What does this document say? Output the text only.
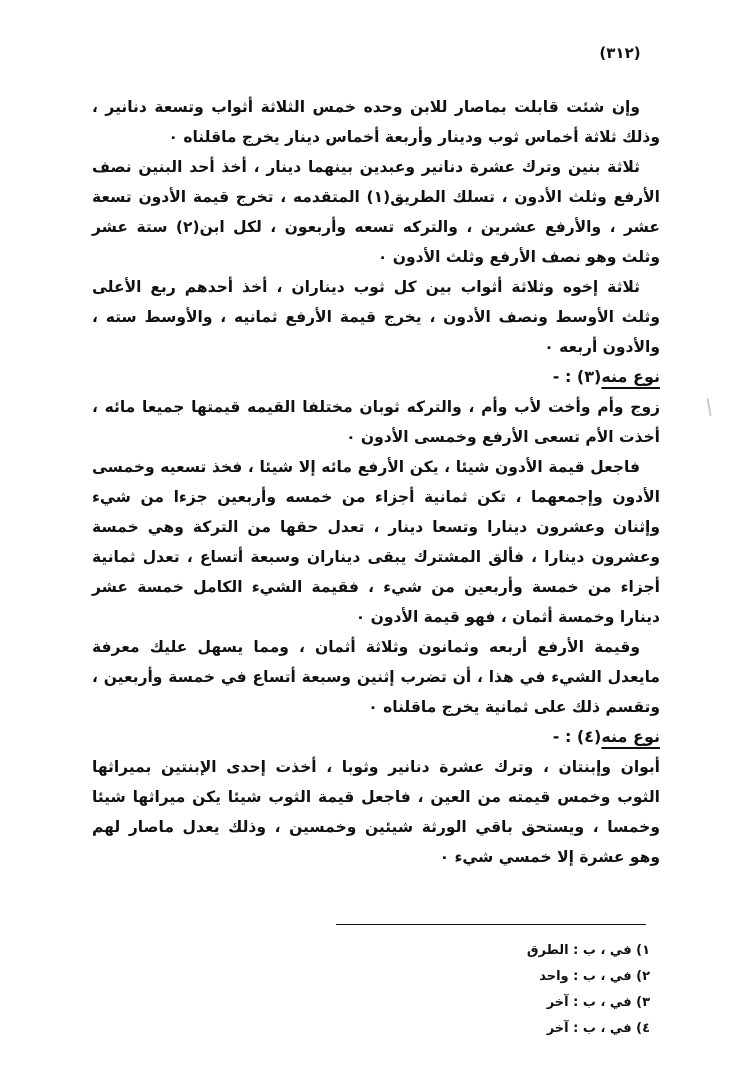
(٣١٢)

وإن شئت قابلت بماصار للابن وحده خمس الثلاثة أثواب وتسعة دنانير ، وذلك ثلاثة أخماس ثوب ودينار وأربعة أخماس دينار يخرج ماقلناه ٠

ثلاثة بنين وترك عشرة دنانير وعبدين بينهما دينار ، أخذ أحد البنين نصف الأرفع وثلث الأدون ، تسلك الطريق(١) المتقدمه ، تخرج قيمة الأدون تسعة عشر ، والأرفع عشرين ، والتركه تسعه وأربعون ، لكل ابن(٢) ستة عشر وثلث وهو نصف الأرفع وثلث الأدون ٠

ثلاثة إخوه وثلاثة أثواب بين كل ثوب ديناران ، أخذ أحدهم ربع الأعلى وثلث الأوسط ونصف الأدون ، يخرج قيمة الأرفع ثمانيه ، والأوسط سته ، والأدون أربعه ٠

نوع منه(٣) : -

زوج وأم وأخت لأب وأم ، والتركه ثوبان مختلفا القيمه قيمتها جميعا مائه ، أخذت الأم تسعى الأرفع وخمسى الأدون ٠

فاجعل قيمة الأدون شيئا ، يكن الأرفع مائه إلا شيئا ، فخذ تسعيه وخمسى الأدون وإجمعهما ، تكن ثمانية أجزاء من خمسه وأربعين جزءا من شيء وإثنان وعشرون دينارا وتسعا دينار ، تعدل حقها من التركة وهي خمسة وعشرون دينارا ، فألق المشترك يبقى ديناران وسبعة أتساع ، تعدل ثمانية أجزاء من خمسة وأربعين من شيء ، فقيمة الشيء الكامل خمسة عشر دينارا وخمسة أثمان ، فهو قيمة الأدون ٠

وقيمة الأرفع أربعه وثمانون وثلاثة أثمان ، ومما يسهل عليك معرفة مايعدل الشيء في هذا ، أن تضرب إثنين وسبعة أتساع في خمسة وأربعين ، وتقسم ذلك على ثمانية يخرج ماقلناه ٠

نوع منه(٤) : -

أبوان وإبنتان ، وترك عشرة دنانير وثوبا ، أخذت إحدى الإبنتين بميراثها الثوب وخمس قيمته من العين ، فاجعل قيمة الثوب شيئا يكن ميراثها شيئا وخمسا ، ويستحق باقي الورثة شيئين وخمسين ، وذلك يعدل ماصار لهم وهو عشرة إلا خمسي شيء ٠

١) في ، ب : الطرق
٢) في ، ب : واحد
٣) في ، ب : آخر
٤) في ، ب : آخر
